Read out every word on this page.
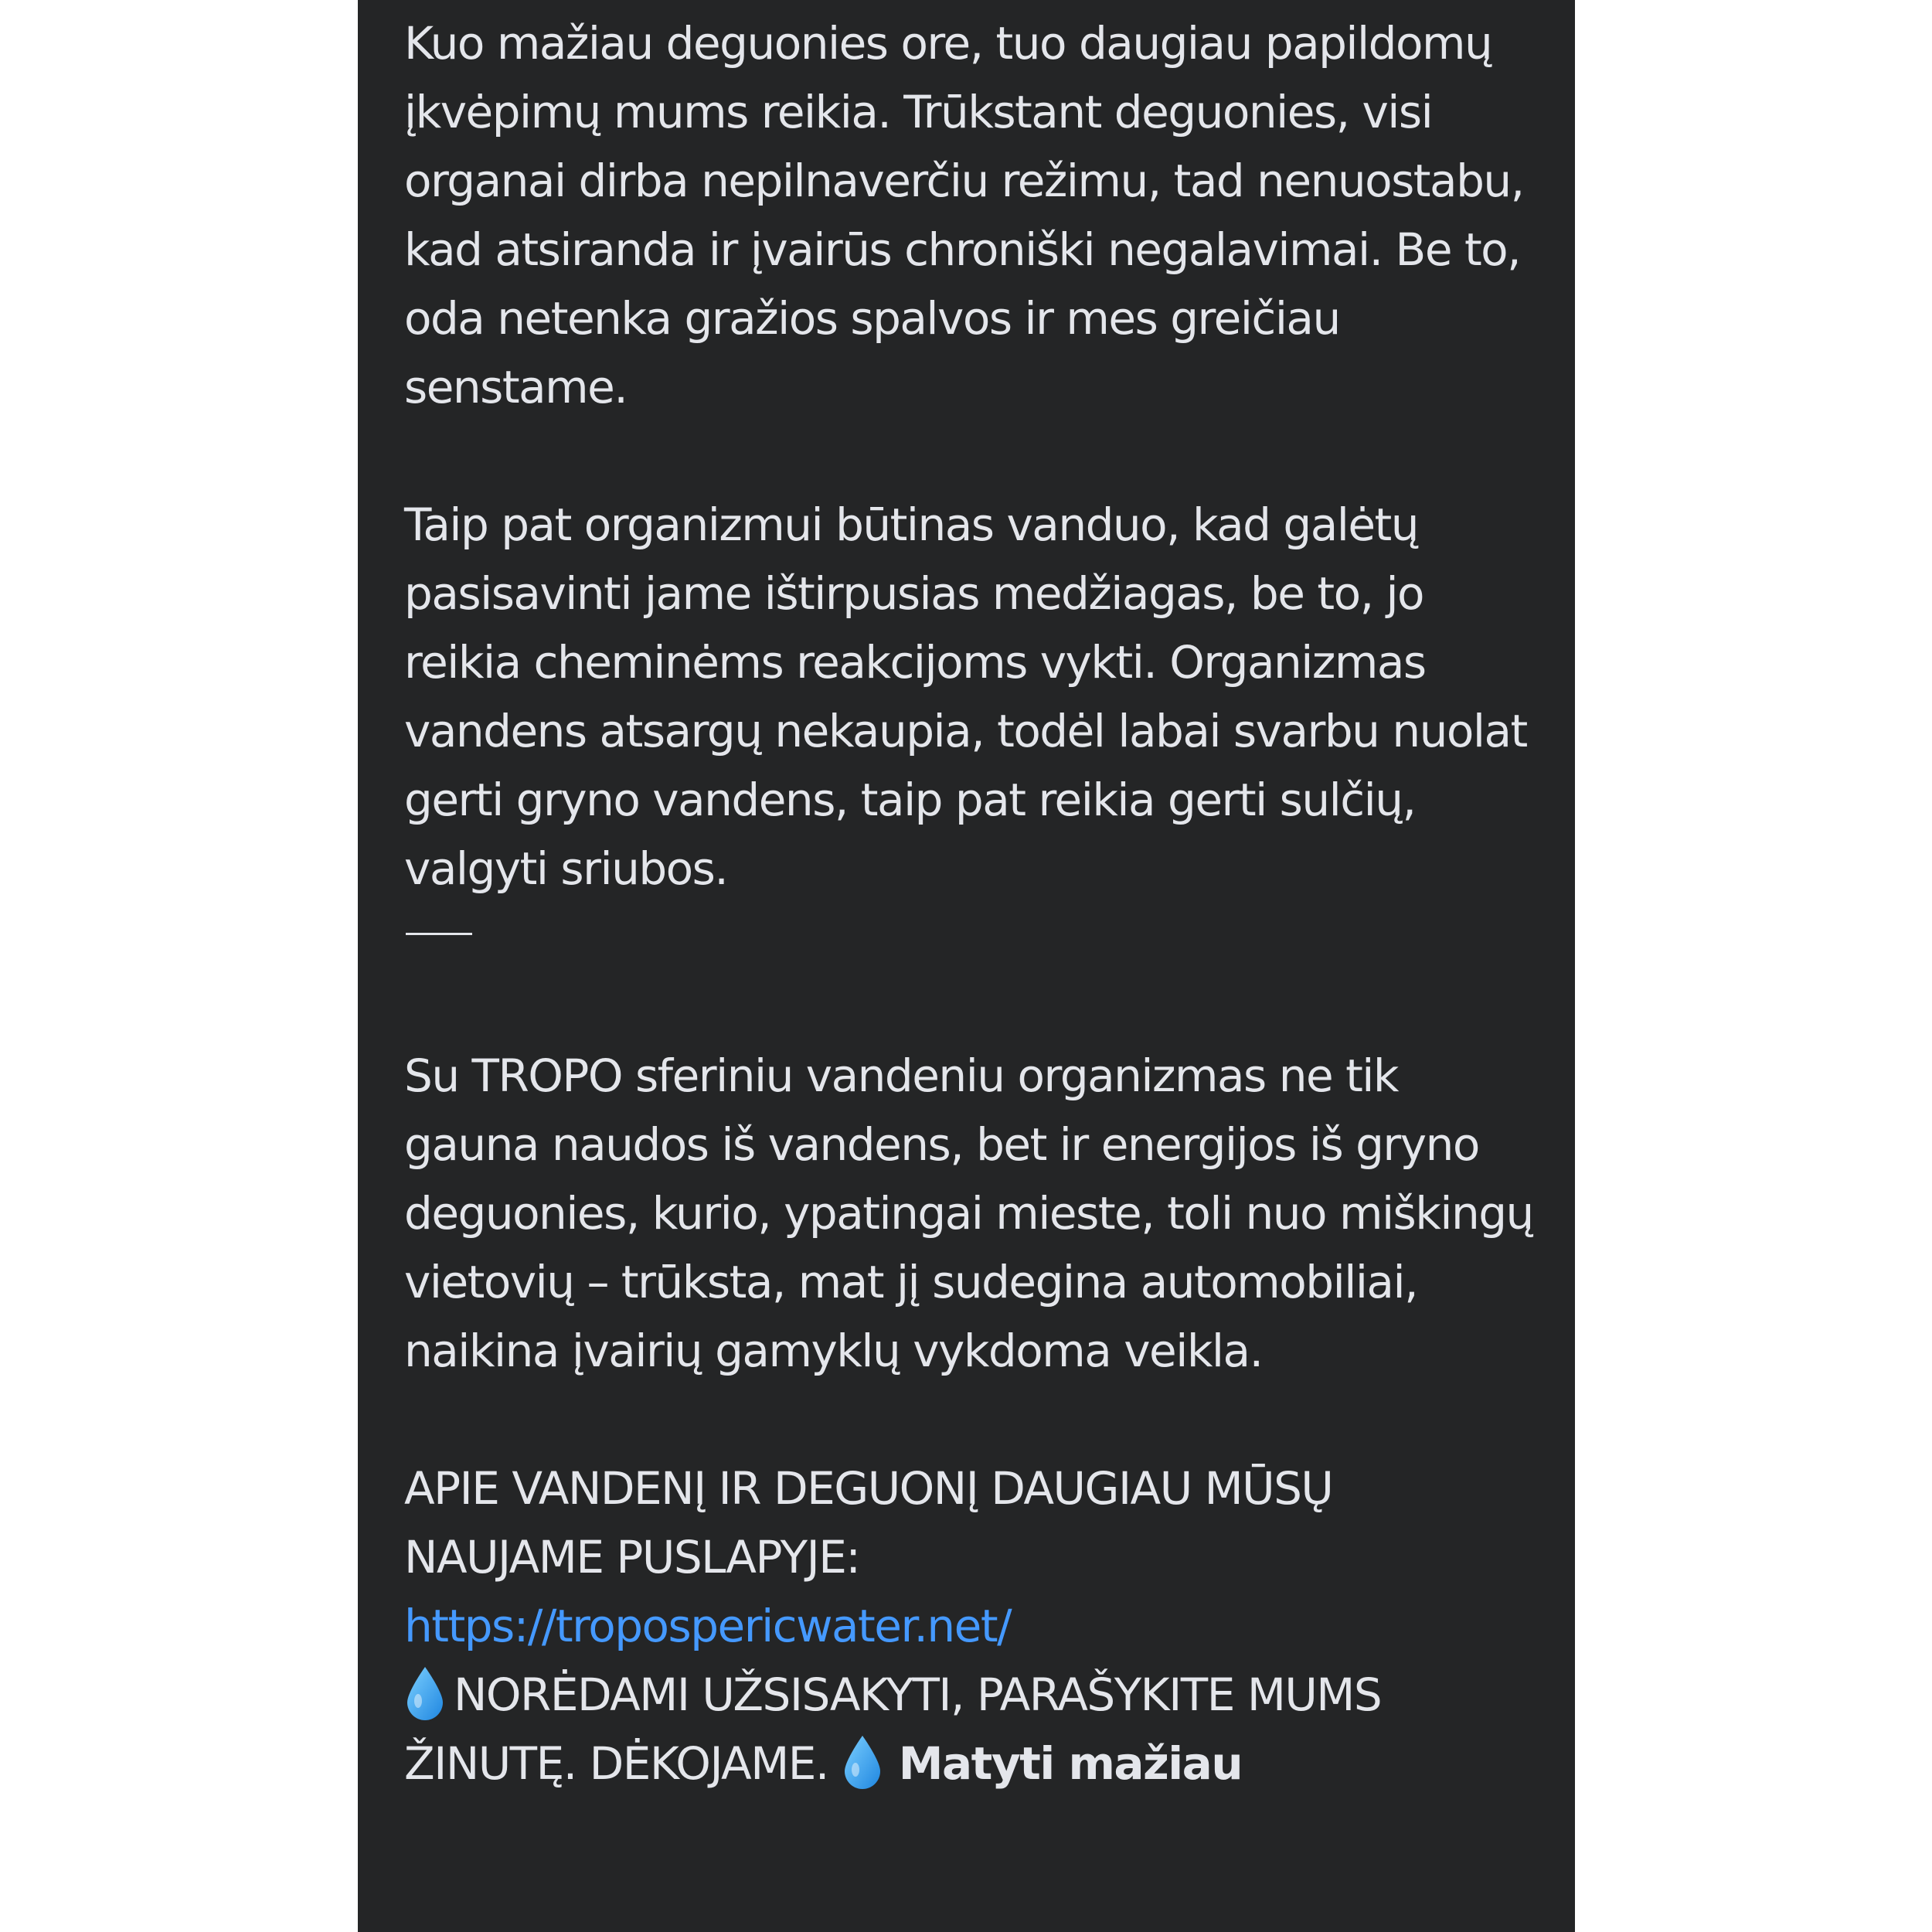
Kuo mažiau deguonies ore, tuo daugiau papildomų įkvėpimų mums reikia. Trūkstant deguonies, visi organai dirba nepilnaverčiu režimu, tad nenuostabu, kad atsiranda ir įvairūs chroniški negalavimai. Be to, oda netenka gražios spalvos ir mes greičiau senstame.

Taip pat organizmui būtinas vanduo, kad galėtų pasisavinti jame ištirpusias medžiagas, be to, jo reikia cheminėms reakcijoms vykti. Organizmas vandens atsargų nekaupia, todėl labai svarbu nuolat gerti gryno vandens, taip pat reikia gerti sulčių, valgyti sriubos.

Su TROPO sferiniu vandeniu organizmas ne tik gauna naudos iš vandens, bet ir energijos iš gryno deguonies, kurio, ypatingai mieste, toli nuo miškingų vietovių – trūksta, mat jį sudegina automobiliai, naikina įvairių gamyklų vykdoma veikla.

APIE VANDENĮ IR DEGUONĮ DAUGIAU MŪSŲ NAUJAME PUSLAPYJE:

https://tropospericwater.net/

NORĖDAMI UŽSISAKYTI, PARAŠYKITE MUMS ŽINUTĘ. DĖKOJAME. Matyti mažiau
